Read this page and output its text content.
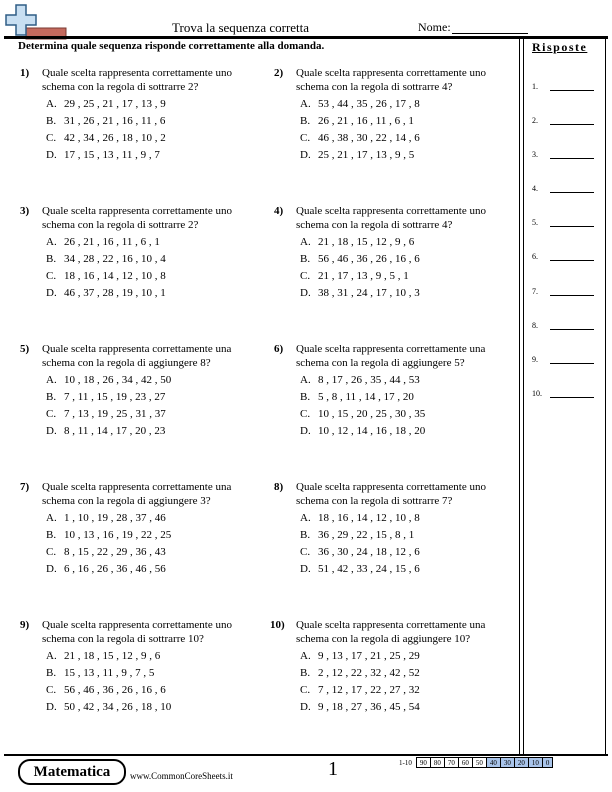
Trova la sequenza corretta	Nome:
Determina quale sequenza risponde correttamente alla domanda.	Risposte
1.
2.
3.
4.
5.
6.
7.
8.
9.
10.
1) Quale scelta rappresenta correttamente uno schema con la regola di sottrarre 2?
A. 29 , 25 , 21 , 17 , 13 , 9
B. 31 , 26 , 21 , 16 , 11 , 6
C. 42 , 34 , 26 , 18 , 10 , 2
D. 17 , 15 , 13 , 11 , 9 , 7
2) Quale scelta rappresenta correttamente uno schema con la regola di sottrarre 4?
A. 53 , 44 , 35 , 26 , 17 , 8
B. 26 , 21 , 16 , 11 , 6 , 1
C. 46 , 38 , 30 , 22 , 14 , 6
D. 25 , 21 , 17 , 13 , 9 , 5
3) Quale scelta rappresenta correttamente uno schema con la regola di sottrarre 2?
A. 26 , 21 , 16 , 11 , 6 , 1
B. 34 , 28 , 22 , 16 , 10 , 4
C. 18 , 16 , 14 , 12 , 10 , 8
D. 46 , 37 , 28 , 19 , 10 , 1
4) Quale scelta rappresenta correttamente uno schema con la regola di sottrarre 4?
A. 21 , 18 , 15 , 12 , 9 , 6
B. 56 , 46 , 36 , 26 , 16 , 6
C. 21 , 17 , 13 , 9 , 5 , 1
D. 38 , 31 , 24 , 17 , 10 , 3
5) Quale scelta rappresenta correttamente una schema con la regola di aggiungere 8?
A. 10 , 18 , 26 , 34 , 42 , 50
B. 7 , 11 , 15 , 19 , 23 , 27
C. 7 , 13 , 19 , 25 , 31 , 37
D. 8 , 11 , 14 , 17 , 20 , 23
6) Quale scelta rappresenta correttamente una schema con la regola di aggiungere 5?
A. 8 , 17 , 26 , 35 , 44 , 53
B. 5 , 8 , 11 , 14 , 17 , 20
C. 10 , 15 , 20 , 25 , 30 , 35
D. 10 , 12 , 14 , 16 , 18 , 20
7) Quale scelta rappresenta correttamente una schema con la regola di aggiungere 3?
A. 1 , 10 , 19 , 28 , 37 , 46
B. 10 , 13 , 16 , 19 , 22 , 25
C. 8 , 15 , 22 , 29 , 36 , 43
D. 6 , 16 , 26 , 36 , 46 , 56
8) Quale scelta rappresenta correttamente uno schema con la regola di sottrarre 7?
A. 18 , 16 , 14 , 12 , 10 , 8
B. 36 , 29 , 22 , 15 , 8 , 1
C. 36 , 30 , 24 , 18 , 12 , 6
D. 51 , 42 , 33 , 24 , 15 , 6
9) Quale scelta rappresenta correttamente uno schema con la regola di sottrarre 10?
A. 21 , 18 , 15 , 12 , 9 , 6
B. 15 , 13 , 11 , 9 , 7 , 5
C. 56 , 46 , 36 , 26 , 16 , 6
D. 50 , 42 , 34 , 26 , 18 , 10
10) Quale scelta rappresenta correttamente una schema con la regola di aggiungere 10?
A. 9 , 13 , 17 , 21 , 25 , 29
B. 2 , 12 , 22 , 32 , 42 , 52
C. 7 , 12 , 17 , 22 , 27 , 32
D. 9 , 18 , 27 , 36 , 45 , 54
Matematica	www.CommonCoreSheets.it	1	1-10	90	80	70	60	50	40	30	20	10	0
